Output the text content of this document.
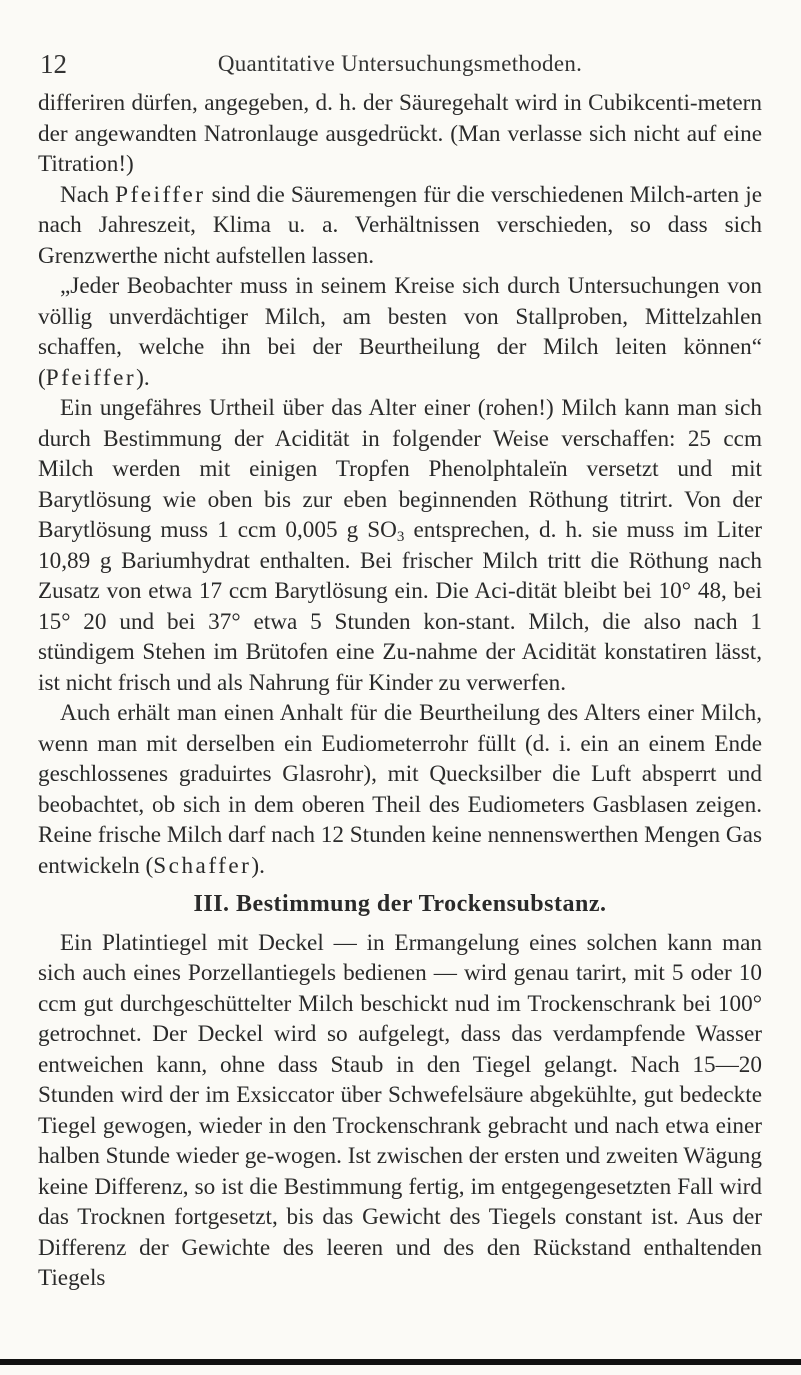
12	Quantitative Untersuchungsmethoden.

differiren dürfen, angegeben, d. h. der Säuregehalt wird in Cubikcenti-metern der angewandten Natronlauge ausgedrückt. (Man verlasse sich nicht auf eine Titration!)

Nach Pfeiffer sind die Säuremengen für die verschiedenen Milch-arten je nach Jahreszeit, Klima u. a. Verhältnissen verschieden, so dass sich Grenzwerthe nicht aufstellen lassen.

„Jeder Beobachter muss in seinem Kreise sich durch Untersuchungen von völlig unverdächtiger Milch, am besten von Stallproben, Mittelzahlen schaffen, welche ihn bei der Beurtheilung der Milch leiten können“ (Pfeiffer).

Ein ungefähres Urtheil über das Alter einer (rohen!) Milch kann man sich durch Bestimmung der Acidität in folgender Weise verschaffen: 25 ccm Milch werden mit einigen Tropfen Phenolphtaleïn versetzt und mit Barytlösung wie oben bis zur eben beginnenden Röthung titrirt. Von der Barytlösung muss 1 ccm 0,005 g $SO_3$ entsprechen, d. h. sie muss im Liter 10,89 g Bariumhydrat enthalten. Bei frischer Milch tritt die Röthung nach Zusatz von etwa 17 ccm Barytlösung ein. Die Aci-dität bleibt bei 10° 48, bei 15° 20 und bei 37° etwa 5 Stunden kon-stant. Milch, die also nach 1 stündigem Stehen im Brütofen eine Zu-nahme der Acidität konstatiren lässt, ist nicht frisch und als Nahrung für Kinder zu verwerfen.

Auch erhält man einen Anhalt für die Beurtheilung des Alters einer Milch, wenn man mit derselben ein Eudiometerrohr füllt (d. i. ein an einem Ende geschlossenes graduirtes Glasrohr), mit Quecksilber die Luft absperrt und beobachtet, ob sich in dem oberen Theil des Eudiometers Gasblasen zeigen. Reine frische Milch darf nach 12 Stunden keine nennenswerthen Mengen Gas entwickeln (Schaffer).

III. Bestimmung der Trockensubstanz.

Ein Platintiegel mit Deckel — in Ermangelung eines solchen kann man sich auch eines Porzellantiegels bedienen — wird genau tarirt, mit 5 oder 10 ccm gut durchgeschüttelter Milch beschickt nud im Trockenschrank bei 100° getrochnet. Der Deckel wird so aufgelegt, dass das verdampfende Wasser entweichen kann, ohne dass Staub in den Tiegel gelangt. Nach 15—20 Stunden wird der im Exsiccator über Schwefelsäure abgekühlte, gut bedeckte Tiegel gewogen, wieder in den Trockenschrank gebracht und nach etwa einer halben Stunde wieder ge-wogen. Ist zwischen der ersten und zweiten Wägung keine Differenz, so ist die Bestimmung fertig, im entgegengesetzten Fall wird das Trocknen fortgesetzt, bis das Gewicht des Tiegels constant ist. Aus der Differenz der Gewichte des leeren und des den Rückstand enthaltenden Tiegels
